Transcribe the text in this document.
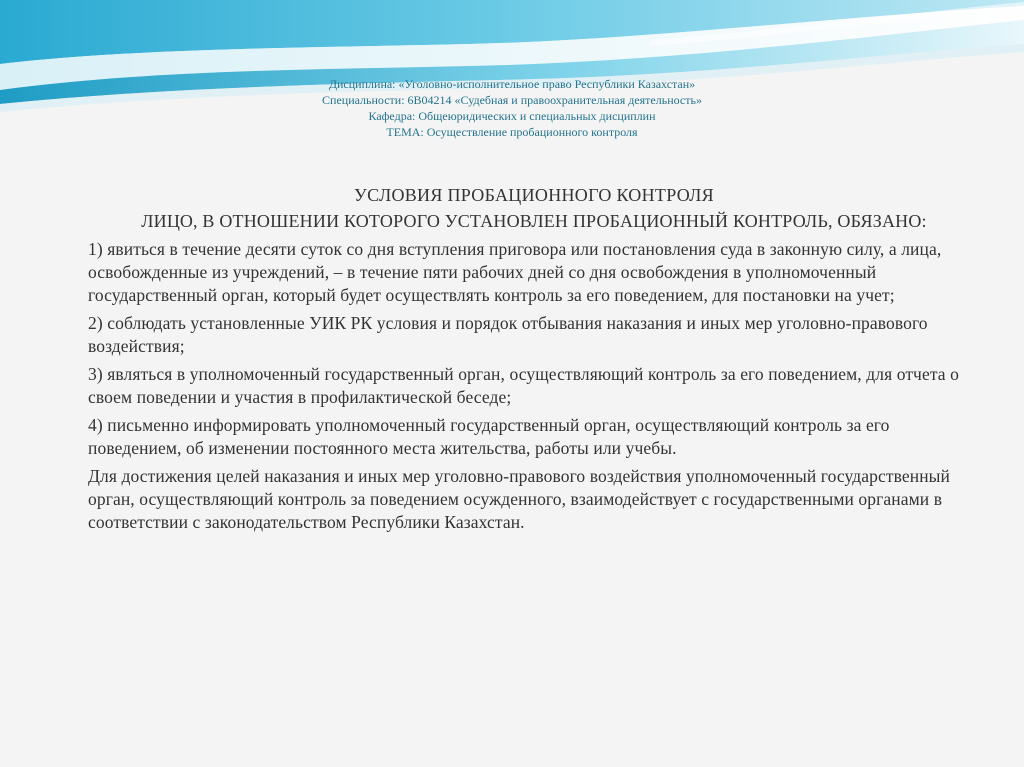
Дисциплина: «Уголовно-исполнительное право Республики Казахстан»
Специальности: 6В04214 «Судебная и правоохранительная деятельность»
Кафедра: Общеюридических и специальных дисциплин
ТЕМА: Осуществление пробационного контроля
УСЛОВИЯ ПРОБАЦИОННОГО КОНТРОЛЯ
ЛИЦО, В ОТНОШЕНИИ КОТОРОГО УСТАНОВЛЕН ПРОБАЦИОННЫЙ КОНТРОЛЬ, ОБЯЗАНО:
1) явиться в течение десяти суток со дня вступления приговора или постановления суда в законную силу, а лица, освобожденные из учреждений, – в течение пяти рабочих дней со дня освобождения в уполномоченный государственный орган, который будет осуществлять контроль за его поведением, для постановки на учет;
2) соблюдать установленные УИК РК условия и порядок отбывания наказания и иных мер уголовно-правового воздействия;
3) являться в уполномоченный государственный орган, осуществляющий контроль за его поведением, для отчета о своем поведении и участия в профилактической беседе;
4) письменно информировать уполномоченный государственный орган, осуществляющий контроль за его поведением, об изменении постоянного места жительства, работы или учебы.
Для достижения целей наказания и иных мер уголовно-правового воздействия уполномоченный государственный орган, осуществляющий контроль за поведением осужденного, взаимодействует с государственными органами в соответствии с законодательством Республики Казахстан.
